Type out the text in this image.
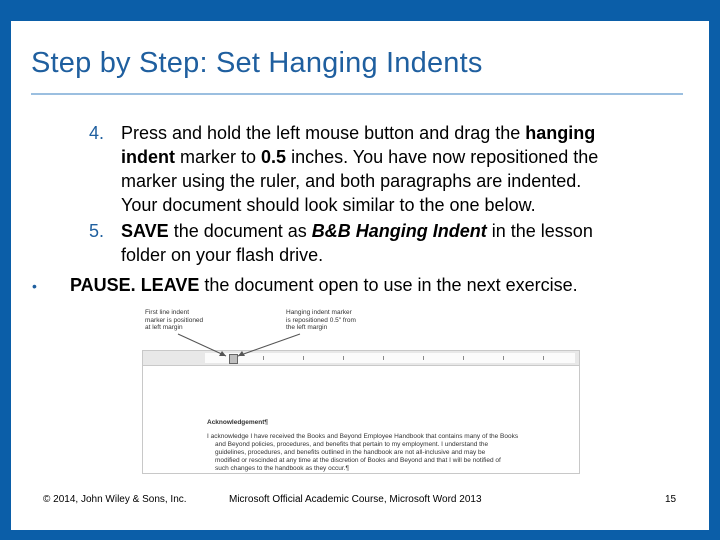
Step by Step: Set Hanging Indents
4. Press and hold the left mouse button and drag the hanging
indent marker to 0.5 inches. You have now repositioned the
marker using the ruler, and both paragraphs are indented.
Your document should look similar to the one below.
5. SAVE the document as B&B Hanging Indent in the lesson
folder on your flash drive.
• PAUSE. LEAVE the document open to use in the next exercise.
First line indent
marker is positioned
at left margin
Hanging indent marker
is repositioned 0.5" from
the left margin
Acknowledgement¶
I acknowledge I have received the Books and Beyond Employee Handbook that contains many of the Books
and Beyond policies, procedures, and benefits that pertain to my employment. I understand the
guidelines, procedures, and benefits outlined in the handbook are not all-inclusive and may be
modified or rescinded at any time at the discretion of Books and Beyond and that I will be notified of
such changes to the handbook as they occur.¶
© 2014, John Wiley & Sons, Inc.	Microsoft Official Academic Course, Microsoft Word 2013	15
